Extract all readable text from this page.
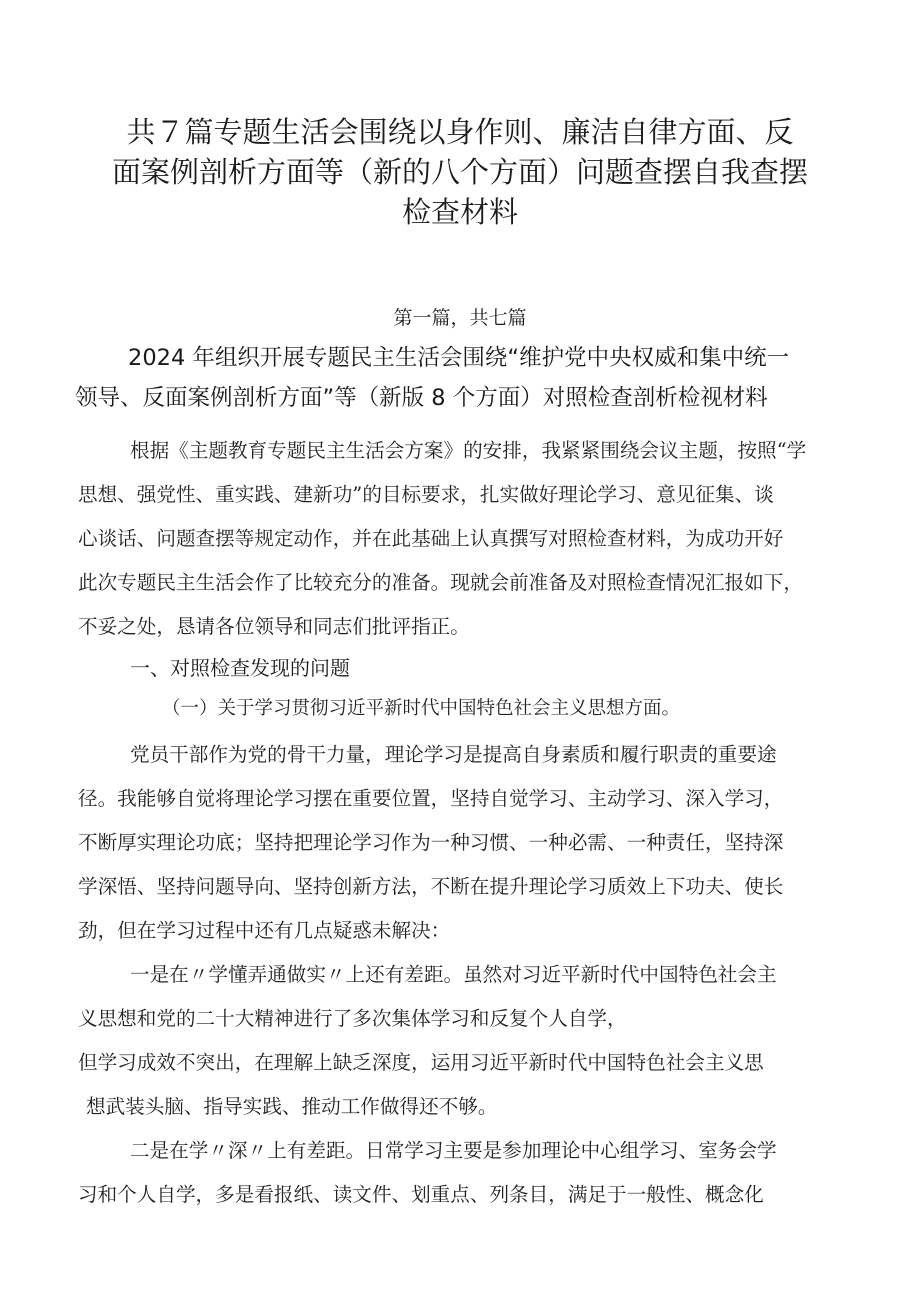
共７篇专题生活会围绕以身作则、廉洁自律方面、反
面案例剖析方面等（新的八个方面）问题查摆自我查摆
检查材料
第一篇，共七篇
2024 年组织开展专题民主生活会围绕“维护党中央权威和集中统一
领导、反面案例剖析方面”等（新版 8 个方面）对照检查剖析检视材料
根据《主题教育专题民主生活会方案》的安排，我紧紧围绕会议主题，按照“学
思想、强党性、重实践、建新功”的目标要求，扎实做好理论学习、意见征集、谈
心谈话、问题查摆等规定动作，并在此基础上认真撰写对照检查材料，为成功开好
此次专题民主生活会作了比较充分的准备。现就会前准备及对照检查情况汇报如下，
不妥之处，恳请各位领导和同志们批评指正。
一、对照检查发现的问题
（一）关于学习贯彻习近平新时代中国特色社会主义思想方面。
党员干部作为党的骨干力量，理论学习是提高自身素质和履行职责的重要途
径。我能够自觉将理论学习摆在重要位置，坚持自觉学习、主动学习、深入学习，
不断厚实理论功底；坚持把理论学习作为一种习惯、一种必需、一种责任，坚持深
学深悟、坚持问题导向、坚持创新方法，不断在提升理论学习质效上下功夫、使长
劲，但在学习过程中还有几点疑惑未解决：
一是在〃学懂弄通做实〃上还有差距。虽然对习近平新时代中国特色社会主
义思想和党的二十大精神进行了多次集体学习和反复个人自学，
但学习成效不突出，在理解上缺乏深度，运用习近平新时代中国特色社会主义思
想武装头脑、指导实践、推动工作做得还不够。
二是在学〃深〃上有差距。日常学习主要是参加理论中心组学习、室务会学
习和个人自学，多是看报纸、读文件、划重点、列条目，满足于一般性、概念化
